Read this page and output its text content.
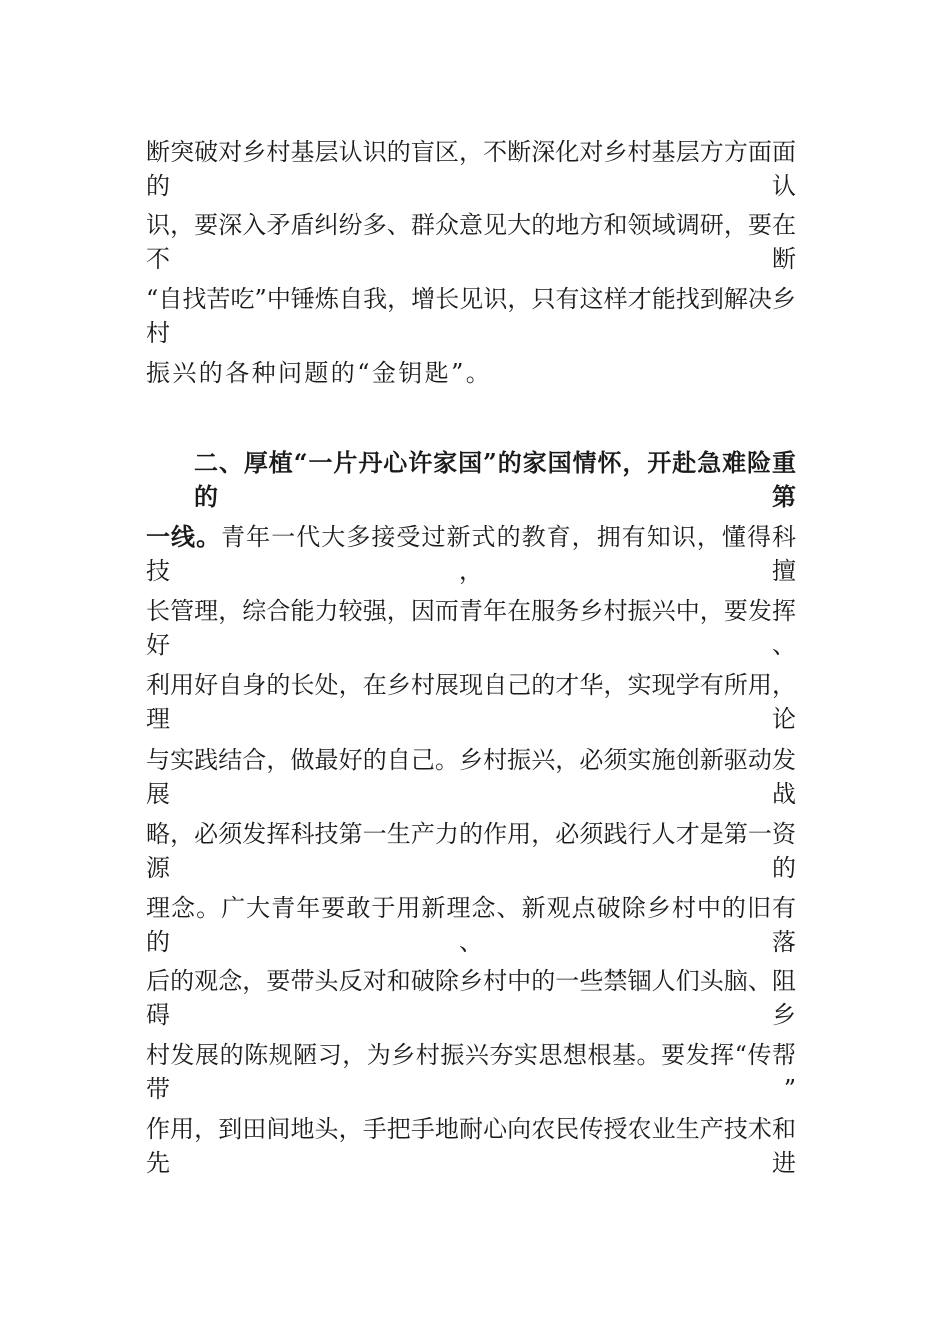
断突破对乡村基层认识的盲区，不断深化对乡村基层方方面面的认
识，要深入矛盾纠纷多、群众意见大的地方和领域调研，要在不断
“自找苦吃”中锤炼自我，增长见识，只有这样才能找到解决乡村
振兴的各种问题的“金钥匙”。
二、厚植“一片丹心许家国”的家国情怀，开赴急难险重的第
一线。青年一代大多接受过新式的教育，拥有知识，懂得科技，擅
长管理，综合能力较强，因而青年在服务乡村振兴中，要发挥好、
利用好自身的长处，在乡村展现自己的才华，实现学有所用，理论
与实践结合，做最好的自己。乡村振兴，必须实施创新驱动发展战
略，必须发挥科技第一生产力的作用，必须践行人才是第一资源的
理念。广大青年要敢于用新理念、新观点破除乡村中的旧有的、落
后的观念，要带头反对和破除乡村中的一些禁锢人们头脑、阻碍乡
村发展的陈规陋习，为乡村振兴夯实思想根基。要发挥“传帮带”
作用，到田间地头，手把手地耐心向农民传授农业生产技术和先进
